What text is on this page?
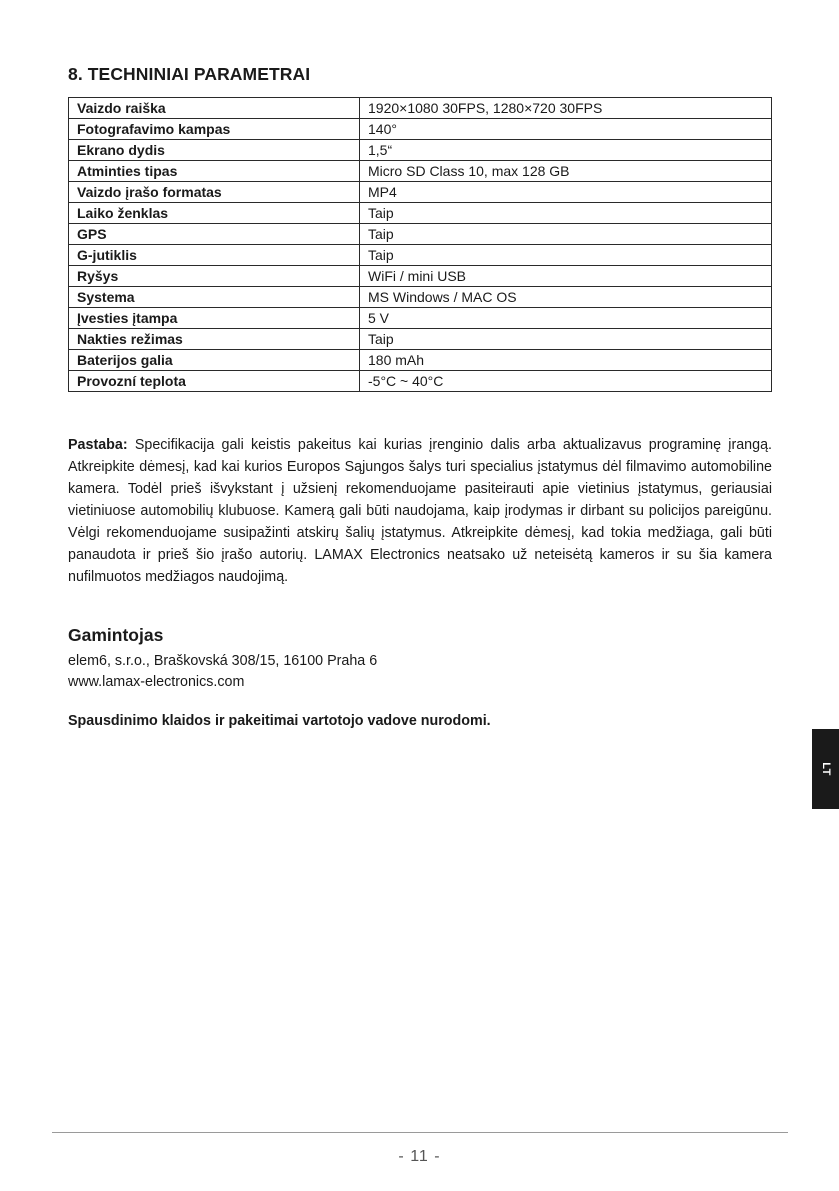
8. TECHNINIAI PARAMETRAI
Vaizdo raiška	1920×1080 30FPS, 1280×720 30FPS
Fotografavimo kampas	140°
Ekrano dydis	1,5“
Atminties tipas	Micro SD Class 10, max 128 GB
Vaizdo įrašo formatas	MP4
Laiko ženklas	Taip
GPS	Taip
G-jutiklis	Taip
Ryšys	WiFi / mini USB
Systema	MS Windows / MAC OS
Įvesties įtampa	5 V
Nakties režimas	Taip
Baterijos galia	180 mAh
Provozní teplota	-5°C ~ 40°C

Pastaba: Specifikacija gali keistis pakeitus kai kurias įrenginio dalis arba aktualizavus programinę įrangą. Atkreipkite dėmesį, kad kai kurios Europos Sąjungos šalys turi specialius įstatymus dėl filmavimo automobiline kamera. Todėl prieš išvykstant į užsienį rekomenduojame pasiteirauti apie vietinius įstatymus, geriausiai vietiniuose automobilių klubuose. Kamerą gali būti naudojama, kaip įrodymas ir dirbant su policijos pareigūnu. Vėlgi rekomenduojame susipažinti atskirų šalių įstatymus. Atkreipkite dėmesį, kad tokia medžiaga, gali būti panaudota ir prieš šio įrašo autorių. LAMAX Electronics neatsako už neteisėtą kameros ir su šia kamera nufilmuotos medžiagos naudojimą.

Gamintojas

elem6, s.r.o., Braškovská 308/15, 16100 Praha 6

www.lamax-electronics.com

Spausdinimo klaidos ir pakeitimai vartotojo vadove nurodomi.

LT
- 11 -
